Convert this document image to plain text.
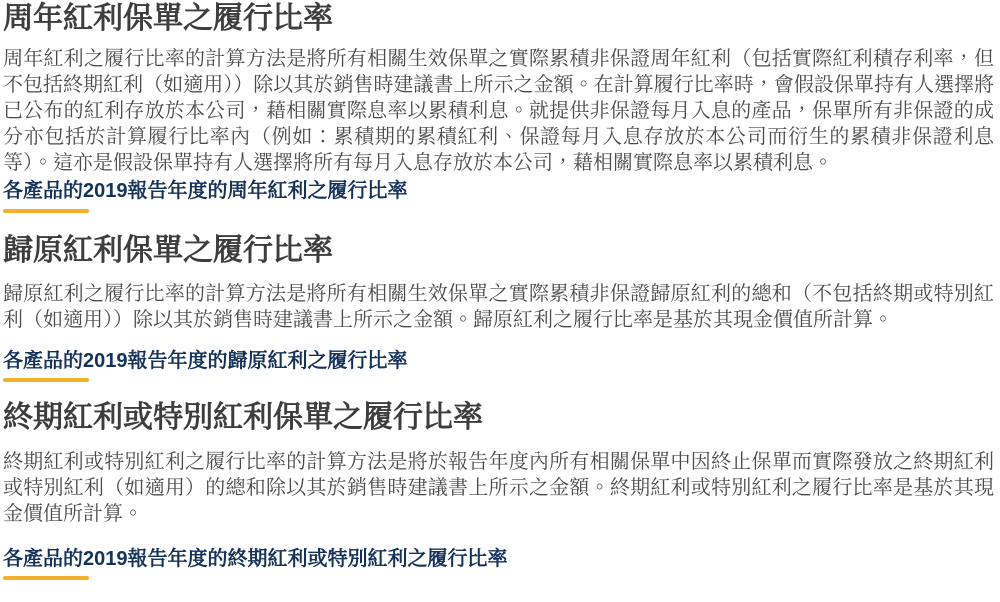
周年紅利保單之履行比率

周年紅利之履行比率的計算方法是將所有相關生效保單之實際累積非保證周年紅利（包括實際紅利積存利率，但不包括終期紅利（如適用））除以其於銷售時建議書上所示之金額。在計算履行比率時，會假設保單持有人選擇將已公布的紅利存放於本公司，藉相關實際息率以累積利息。就提供非保證每月入息的產品，保單所有非保證的成分亦包括於計算履行比率內（例如：累積期的累積紅利、保證每月入息存放於本公司而衍生的累積非保證利息等）。這亦是假設保單持有人選擇將所有每月入息存放於本公司，藉相關實際息率以累積利息。

各產品的2019報告年度的周年紅利之履行比率
歸原紅利保單之履行比率

歸原紅利之履行比率的計算方法是將所有相關生效保單之實際累積非保證歸原紅利的總和（不包括終期或特別紅利（如適用））除以其於銷售時建議書上所示之金額。歸原紅利之履行比率是基於其現金價值所計算。

各產品的2019報告年度的歸原紅利之履行比率
終期紅利或特別紅利保單之履行比率

終期紅利或特別紅利之履行比率的計算方法是將於報告年度內所有相關保單中因終止保單而實際發放之終期紅利或特別紅利（如適用）的總和除以其於銷售時建議書上所示之金額。終期紅利或特別紅利之履行比率是基於其現金價值所計算。

各產品的2019報告年度的終期紅利或特別紅利之履行比率
